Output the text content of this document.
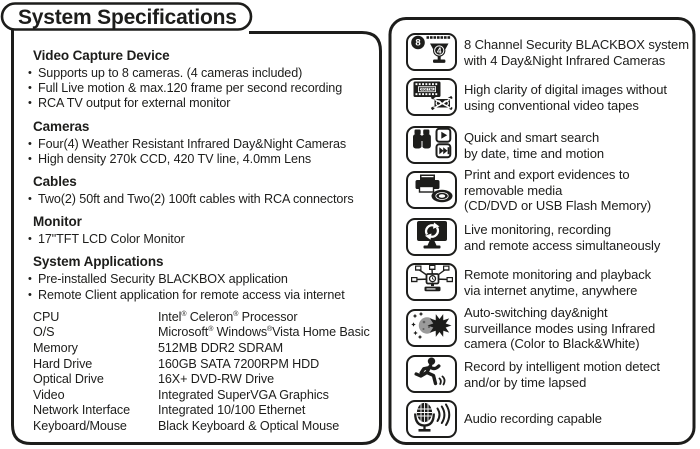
System Specifications
Video Capture Device
• Supports up to 8 cameras. (4 cameras included)
• Full Live motion & max.120 frame per second recording
• RCA TV output for external monitor
Cameras
• Four(4) Weather Resistant Infrared Day&Night Cameras
• High density 270k CCD, 420 TV line, 4.0mm Lens
Cables
• Two(2) 50ft and Two(2) 100ft cables with RCA connectors
Monitor
• 17"TFT LCD Color Monitor
System Applications
• Pre-installed Security BLACKBOX application
• Remote Client application for remote access via internet
CPU	Intel® Celeron® Processor
O/S	Microsoft® Windows®Vista Home Basic
Memory	512MB DDR2 SDRAM
Hard Drive	160GB SATA 7200RPM HDD
Optical Drive	16X+ DVD-RW Drive
Video	Integrated SuperVGA Graphics
Network Interface	Integrated 10/100 Ethernet
Keyboard/Mouse	Black Keyboard & Optical Mouse
8
4 8 Channel Security BLACKBOX system
with 4 Day&Night Infrared Cameras
DIGITAL High clarity of digital images without
using conventional video tapes
Quick and smart search
by date, time and motion
Print and export evidences to
removable media
(CD/DVD or USB Flash Memory)
Live monitoring, recording
and remote access simultaneously
Remote monitoring and playback
via internet anytime, anywhere
Auto-switching day&night
surveillance modes using Infrared
camera (Color to Black&White)
Record by intelligent motion detect
and/or by time lapsed
Audio recording capable
